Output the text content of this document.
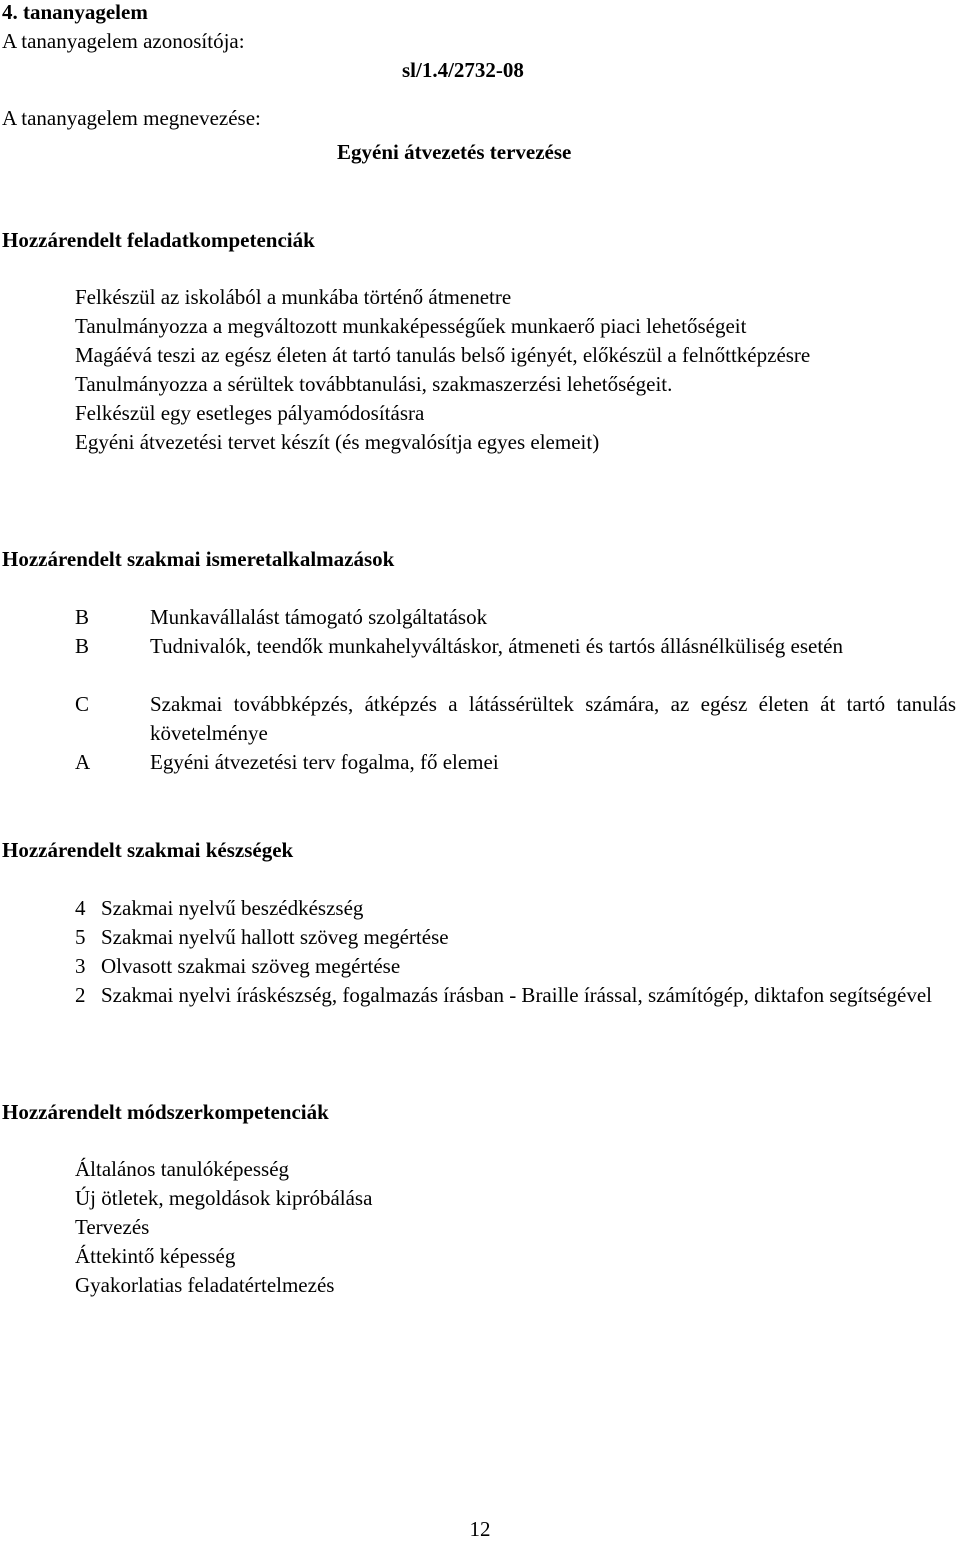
4. tananyagelem
A tananyagelem azonosítója:
sl/1.4/2732-08
A tananyagelem megnevezése:
Egyéni átvezetés tervezése
Hozzárendelt feladatkompetenciák
Felkészül az iskolából a munkába történő átmenetre
Tanulmányozza a megváltozott munkaképességűek munkaerő piaci lehetőségeit
Magáévá teszi az egész életen át tartó tanulás belső igényét, előkészül a felnőttképzésre
Tanulmányozza a sérültek továbbtanulási, szakmaszerzési lehetőségeit.
Felkészül egy esetleges pályamódosításra
Egyéni átvezetési tervet készít (és megvalósítja egyes elemeit)
Hozzárendelt szakmai ismeretalkalmazások
B	Munkavállalást támogató szolgáltatások
B	Tudnivalók, teendők munkahelyváltáskor, átmeneti és tartós állásnélküliség esetén
C	Szakmai továbbképzés, átképzés a látássérültek számára, az egész életen át tartó tanulás követelménye
A	Egyéni átvezetési terv fogalma, fő elemei
Hozzárendelt szakmai készségek
4 Szakmai nyelvű beszédkészség
5 Szakmai nyelvű hallott szöveg megértése
3 Olvasott szakmai szöveg megértése
2 Szakmai nyelvi íráskészség, fogalmazás írásban - Braille írással, számítógép, diktafon segítségével
Hozzárendelt módszerkompetenciák
Általános tanulóképesség
Új ötletek, megoldások kipróbálása
Tervezés
Áttekintő képesség
Gyakorlatias feladatértelmezés
12
